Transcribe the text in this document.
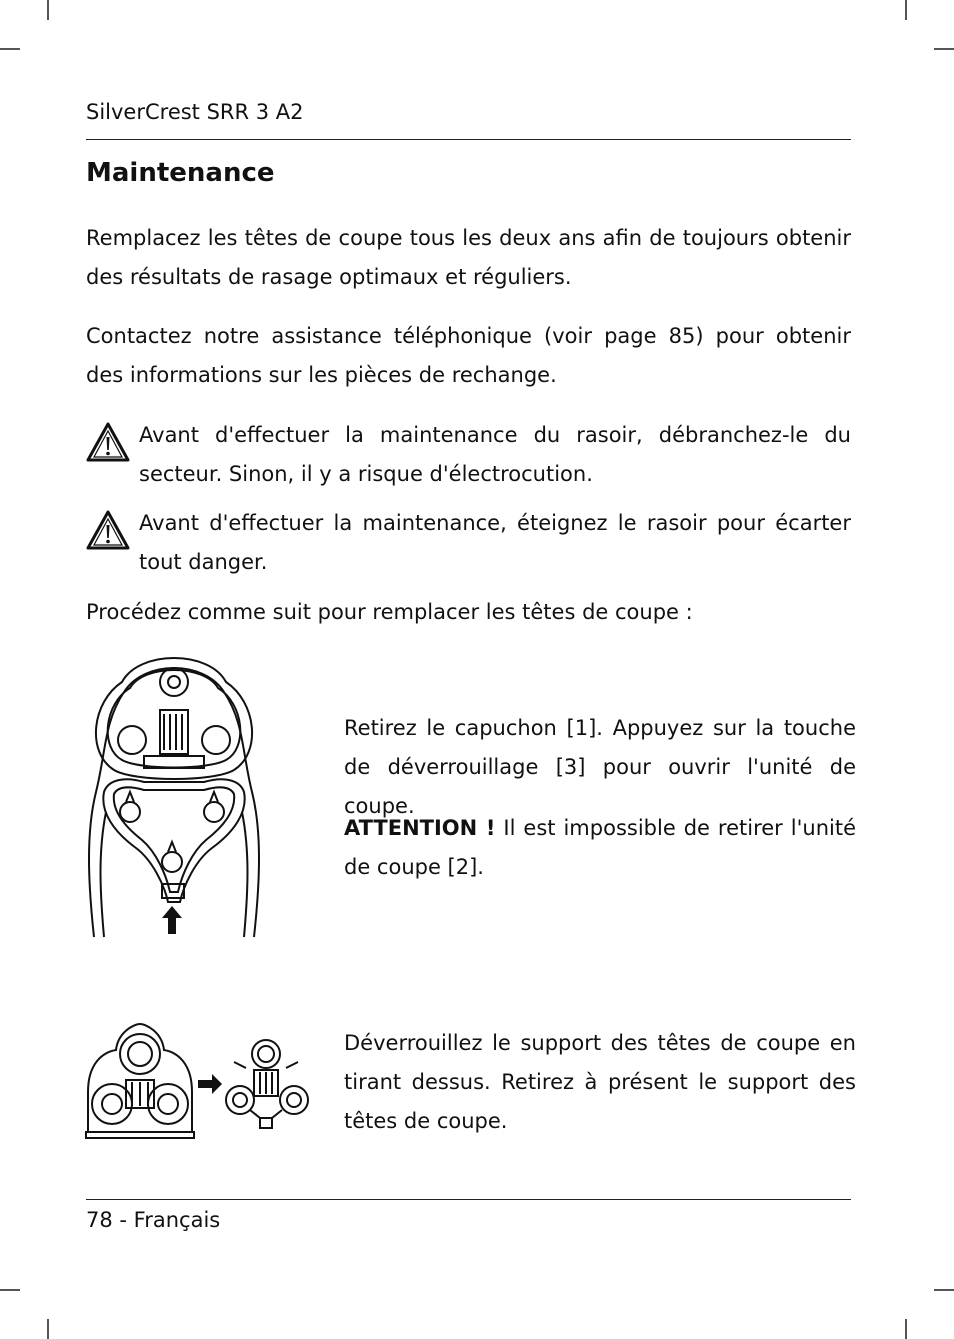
SilverCrest SRR 3 A2
Maintenance
Remplacez les têtes de coupe tous les deux ans afin de toujours obtenir des résultats de rasage optimaux et réguliers.
Contactez notre assistance téléphonique (voir page 85) pour obtenir des informations sur les pièces de rechange.
Avant d'effectuer la maintenance du rasoir, débranchez-le du secteur. Sinon, il y a risque d'électrocution.
Avant d'effectuer la maintenance, éteignez le rasoir pour écarter tout danger.
Procédez comme suit pour remplacer les têtes de coupe :
Retirez le capuchon [1]. Appuyez sur la touche de déverrouillage [3] pour ouvrir l'unité de coupe.
ATTENTION ! Il est impossible de retirer l'unité de coupe [2].
Déverrouillez le support des têtes de coupe en tirant dessus. Retirez à présent le support des têtes de coupe.
78 - Français
